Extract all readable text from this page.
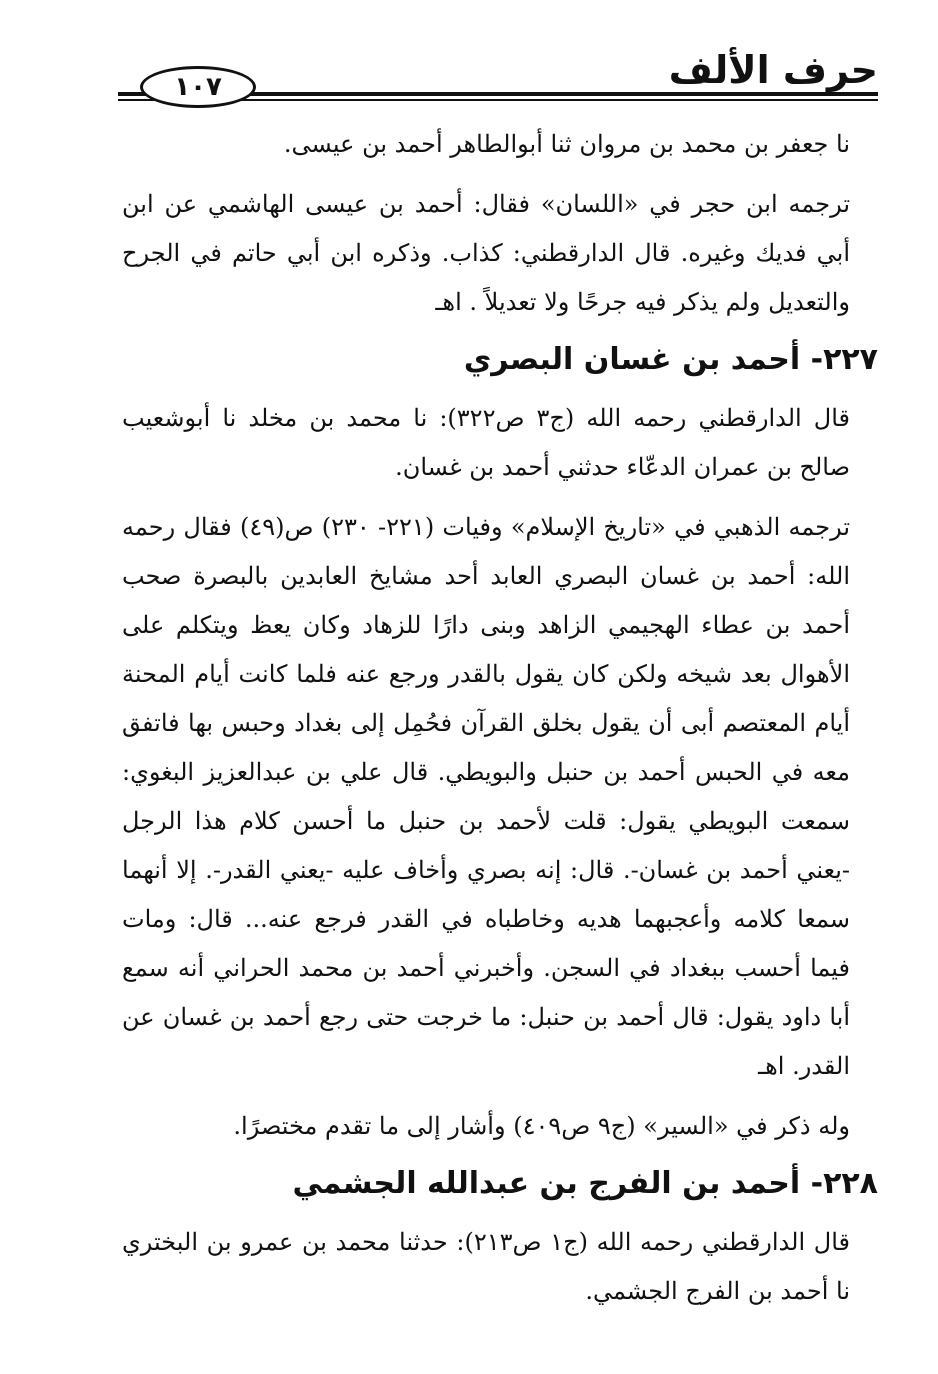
حرف الألف
١٠٧

نا جعفر بن محمد بن مروان ثنا أبوالطاهر أحمد بن عيسى.

ترجمه ابن حجر في «اللسان» فقال: أحمد بن عيسى الهاشمي عن ابن أبي فديك وغيره. قال الدارقطني: كذاب. وذكره ابن أبي حاتم في الجرح والتعديل ولم يذكر فيه جرحًا ولا تعديلاً . اهـ

٢٢٧- أحمد بن غسان البصري

قال الدارقطني رحمه الله (ج٣ ص٣٢٢): نا محمد بن مخلد نا أبوشعيب صالح بن عمران الدعّاء حدثني أحمد بن غسان.

ترجمه الذهبي في «تاريخ الإسلام» وفيات (٢٢١- ٢٣٠) ص(٤٩) فقال رحمه الله: أحمد بن غسان البصري العابد أحد مشايخ العابدين بالبصرة صحب أحمد بن عطاء الهجيمي الزاهد وبنى دارًا للزهاد وكان يعظ ويتكلم على الأهوال بعد شيخه ولكن كان يقول بالقدر ورجع عنه فلما كانت أيام المحنة أيام المعتصم أبى أن يقول بخلق القرآن فحُمِل إلى بغداد وحبس بها فاتفق معه في الحبس أحمد بن حنبل والبويطي. قال علي بن عبدالعزيز البغوي: سمعت البويطي يقول: قلت لأحمد بن حنبل ما أحسن كلام هذا الرجل -يعني أحمد بن غسان-. قال: إنه بصري وأخاف عليه -يعني القدر-. إلا أنهما سمعا كلامه وأعجبهما هديه وخاطباه في القدر فرجع عنه... قال: ومات فيما أحسب ببغداد في السجن. وأخبرني أحمد بن محمد الحراني أنه سمع أبا داود يقول: قال أحمد بن حنبل: ما خرجت حتى رجع أحمد بن غسان عن القدر. اهـ

وله ذكر في «السير» (ج٩ ص٤٠٩) وأشار إلى ما تقدم مختصرًا.

٢٢٨- أحمد بن الفرج بن عبدالله الجشمي

قال الدارقطني رحمه الله (ج١ ص٢١٣): حدثنا محمد بن عمرو بن البختري نا أحمد بن الفرج الجشمي.
